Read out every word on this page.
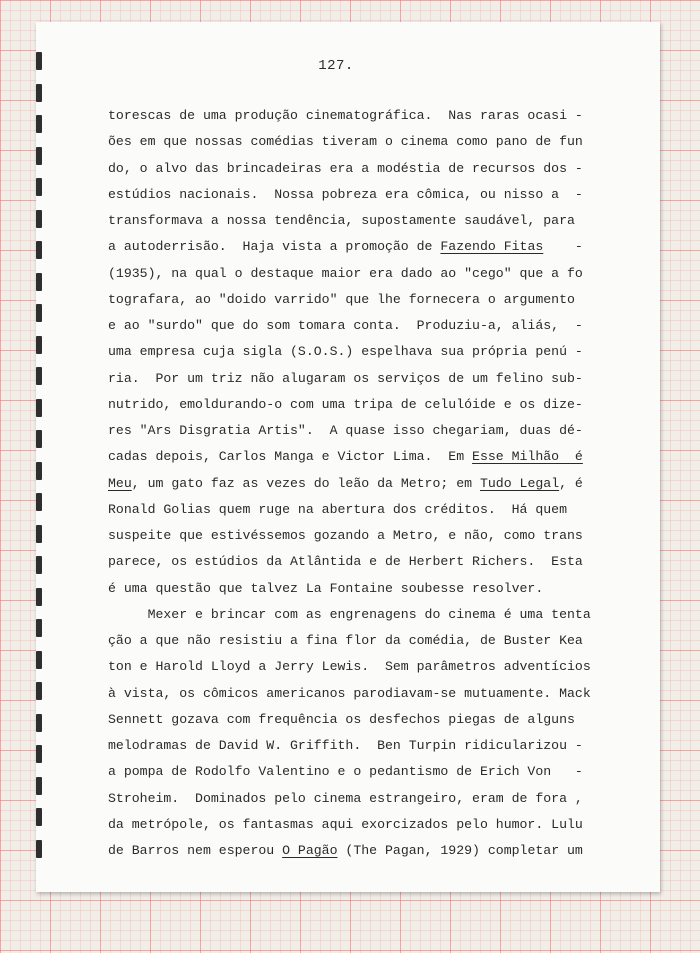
127.
torescas de uma produção cinematográfica.  Nas raras ocasi -
ões em que nossas comédias tiveram o cinema como pano de fun
do, o alvo das brincadeiras era a modéstia de recursos dos -
estúdios nacionais.  Nossa pobreza era cômica, ou nisso a  -
transformava a nossa tendência, supostamente saudável, para
a autoderrisão.  Haja vista a promoção de Fazendo Fitas    -
(1935), na qual o destaque maior era dado ao "cego" que a fo
tografara, ao "doido varrido" que lhe fornecera o argumento
e ao "surdo" que do som tomara conta.  Produziu-a, aliás,  -
uma empresa cuja sigla (S.O.S.) espelhava sua própria penú -
ria.  Por um triz não alugaram os serviços de um felino sub-
nutrido, emoldurando-o com uma tripa de celulóide e os dize-
res "Ars Disgratia Artis".  A quase isso chegariam, duas dé-
cadas depois, Carlos Manga e Victor Lima.  Em Esse Milhão  é
Meu, um gato faz as vezes do leão da Metro; em Tudo Legal, é
Ronald Golias quem ruge na abertura dos créditos.  Há quem
suspeite que estivéssemos gozando a Metro, e não, como trans
parece, os estúdios da Atlântida e de Herbert Richers.  Esta
é uma questão que talvez La Fontaine soubesse resolver.
Mexer e brincar com as engrenagens do cinema é uma tenta
ção a que não resistiu a fina flor da comédia, de Buster Kea
ton e Harold Lloyd a Jerry Lewis.  Sem parâmetros adventícios
à vista, os cômicos americanos parodiavam-se mutuamente. Mack
Sennett gozava com frequência os desfechos piegas de alguns
melodramas de David W. Griffith.  Ben Turpin ridicularizou -
a pompa de Rodolfo Valentino e o pedantismo de Erich Von   -
Stroheim.  Dominados pelo cinema estrangeiro, eram de fora ,
da metrópole, os fantasmas aqui exorcizados pelo humor. Lulu
de Barros nem esperou O Pagão (The Pagan, 1929) completar um
